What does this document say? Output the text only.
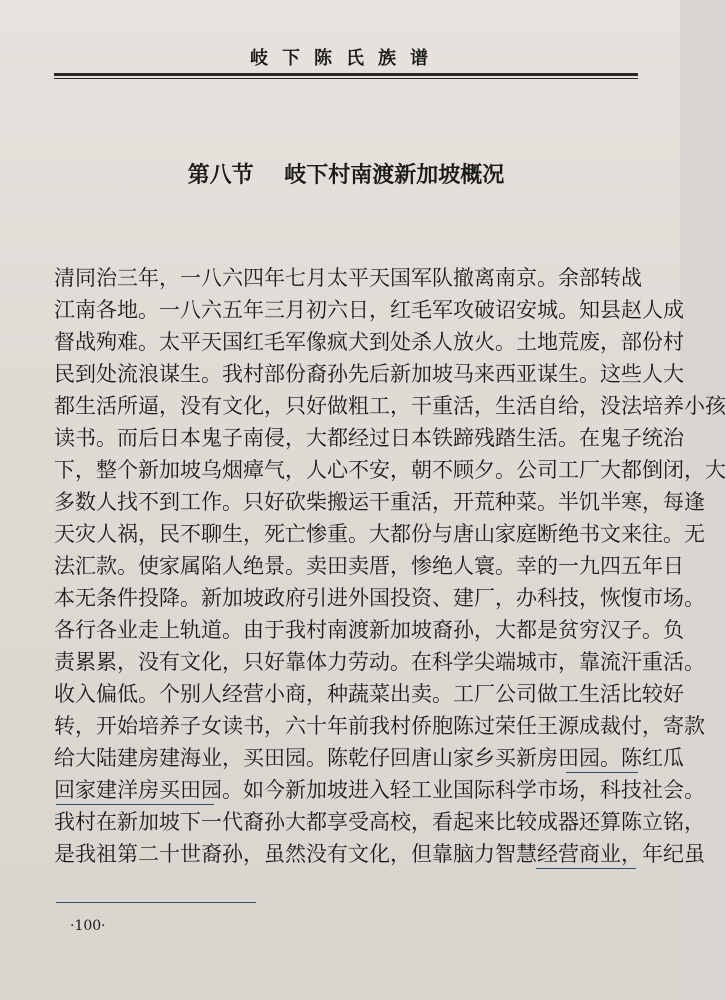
岐下陈氏族谱
第八节    岐下村南渡新加坡概况
清同治三年，一八六四年七月太平天国军队撤离南京。余部转战
江南各地。一八六五年三月初六日，红毛军攻破诏安城。知县赵人成
督战殉难。太平天国红毛军像疯犬到处杀人放火。土地荒废，部份村
民到处流浪谋生。我村部份裔孙先后新加坡马来西亚谋生。这些人大
都生活所逼，没有文化，只好做粗工，干重活，生活自给，没法培养小孩
读书。而后日本鬼子南侵，大都经过日本铁蹄残踏生活。在鬼子统治
下，整个新加坡乌烟瘴气，人心不安，朝不顾夕。公司工厂大都倒闭，大
多数人找不到工作。只好砍柴搬运干重活，开荒种菜。半饥半寒，每逢
天灾人祸，民不聊生，死亡惨重。大都份与唐山家庭断绝书文来往。无
法汇款。使家属陷人绝景。卖田卖厝，惨绝人寰。幸的一九四五年日
本无条件投降。新加坡政府引进外国投资、建厂，办科技，恢愎市场。
各行各业走上轨道。由于我村南渡新加坡裔孙，大都是贫穷汉子。负
责累累，没有文化，只好靠体力劳动。在科学尖端城市，靠流汗重活。
收入偏低。个别人经营小商，种蔬菜出卖。工厂公司做工生活比较好
转，开始培养子女读书，六十年前我村侨胞陈过荣任王源成裁付，寄款
给大陆建房建海业，买田园。陈乾仔回唐山家乡买新房田园。陈红瓜
回家建洋房买田园。如今新加坡进入轻工业国际科学市场，科技社会。
我村在新加坡下一代裔孙大都享受高校，看起来比较成器还算陈立铭，
是我祖第二十世裔孙，虽然没有文化，但靠脑力智慧经营商业，年纪虽
·100·
